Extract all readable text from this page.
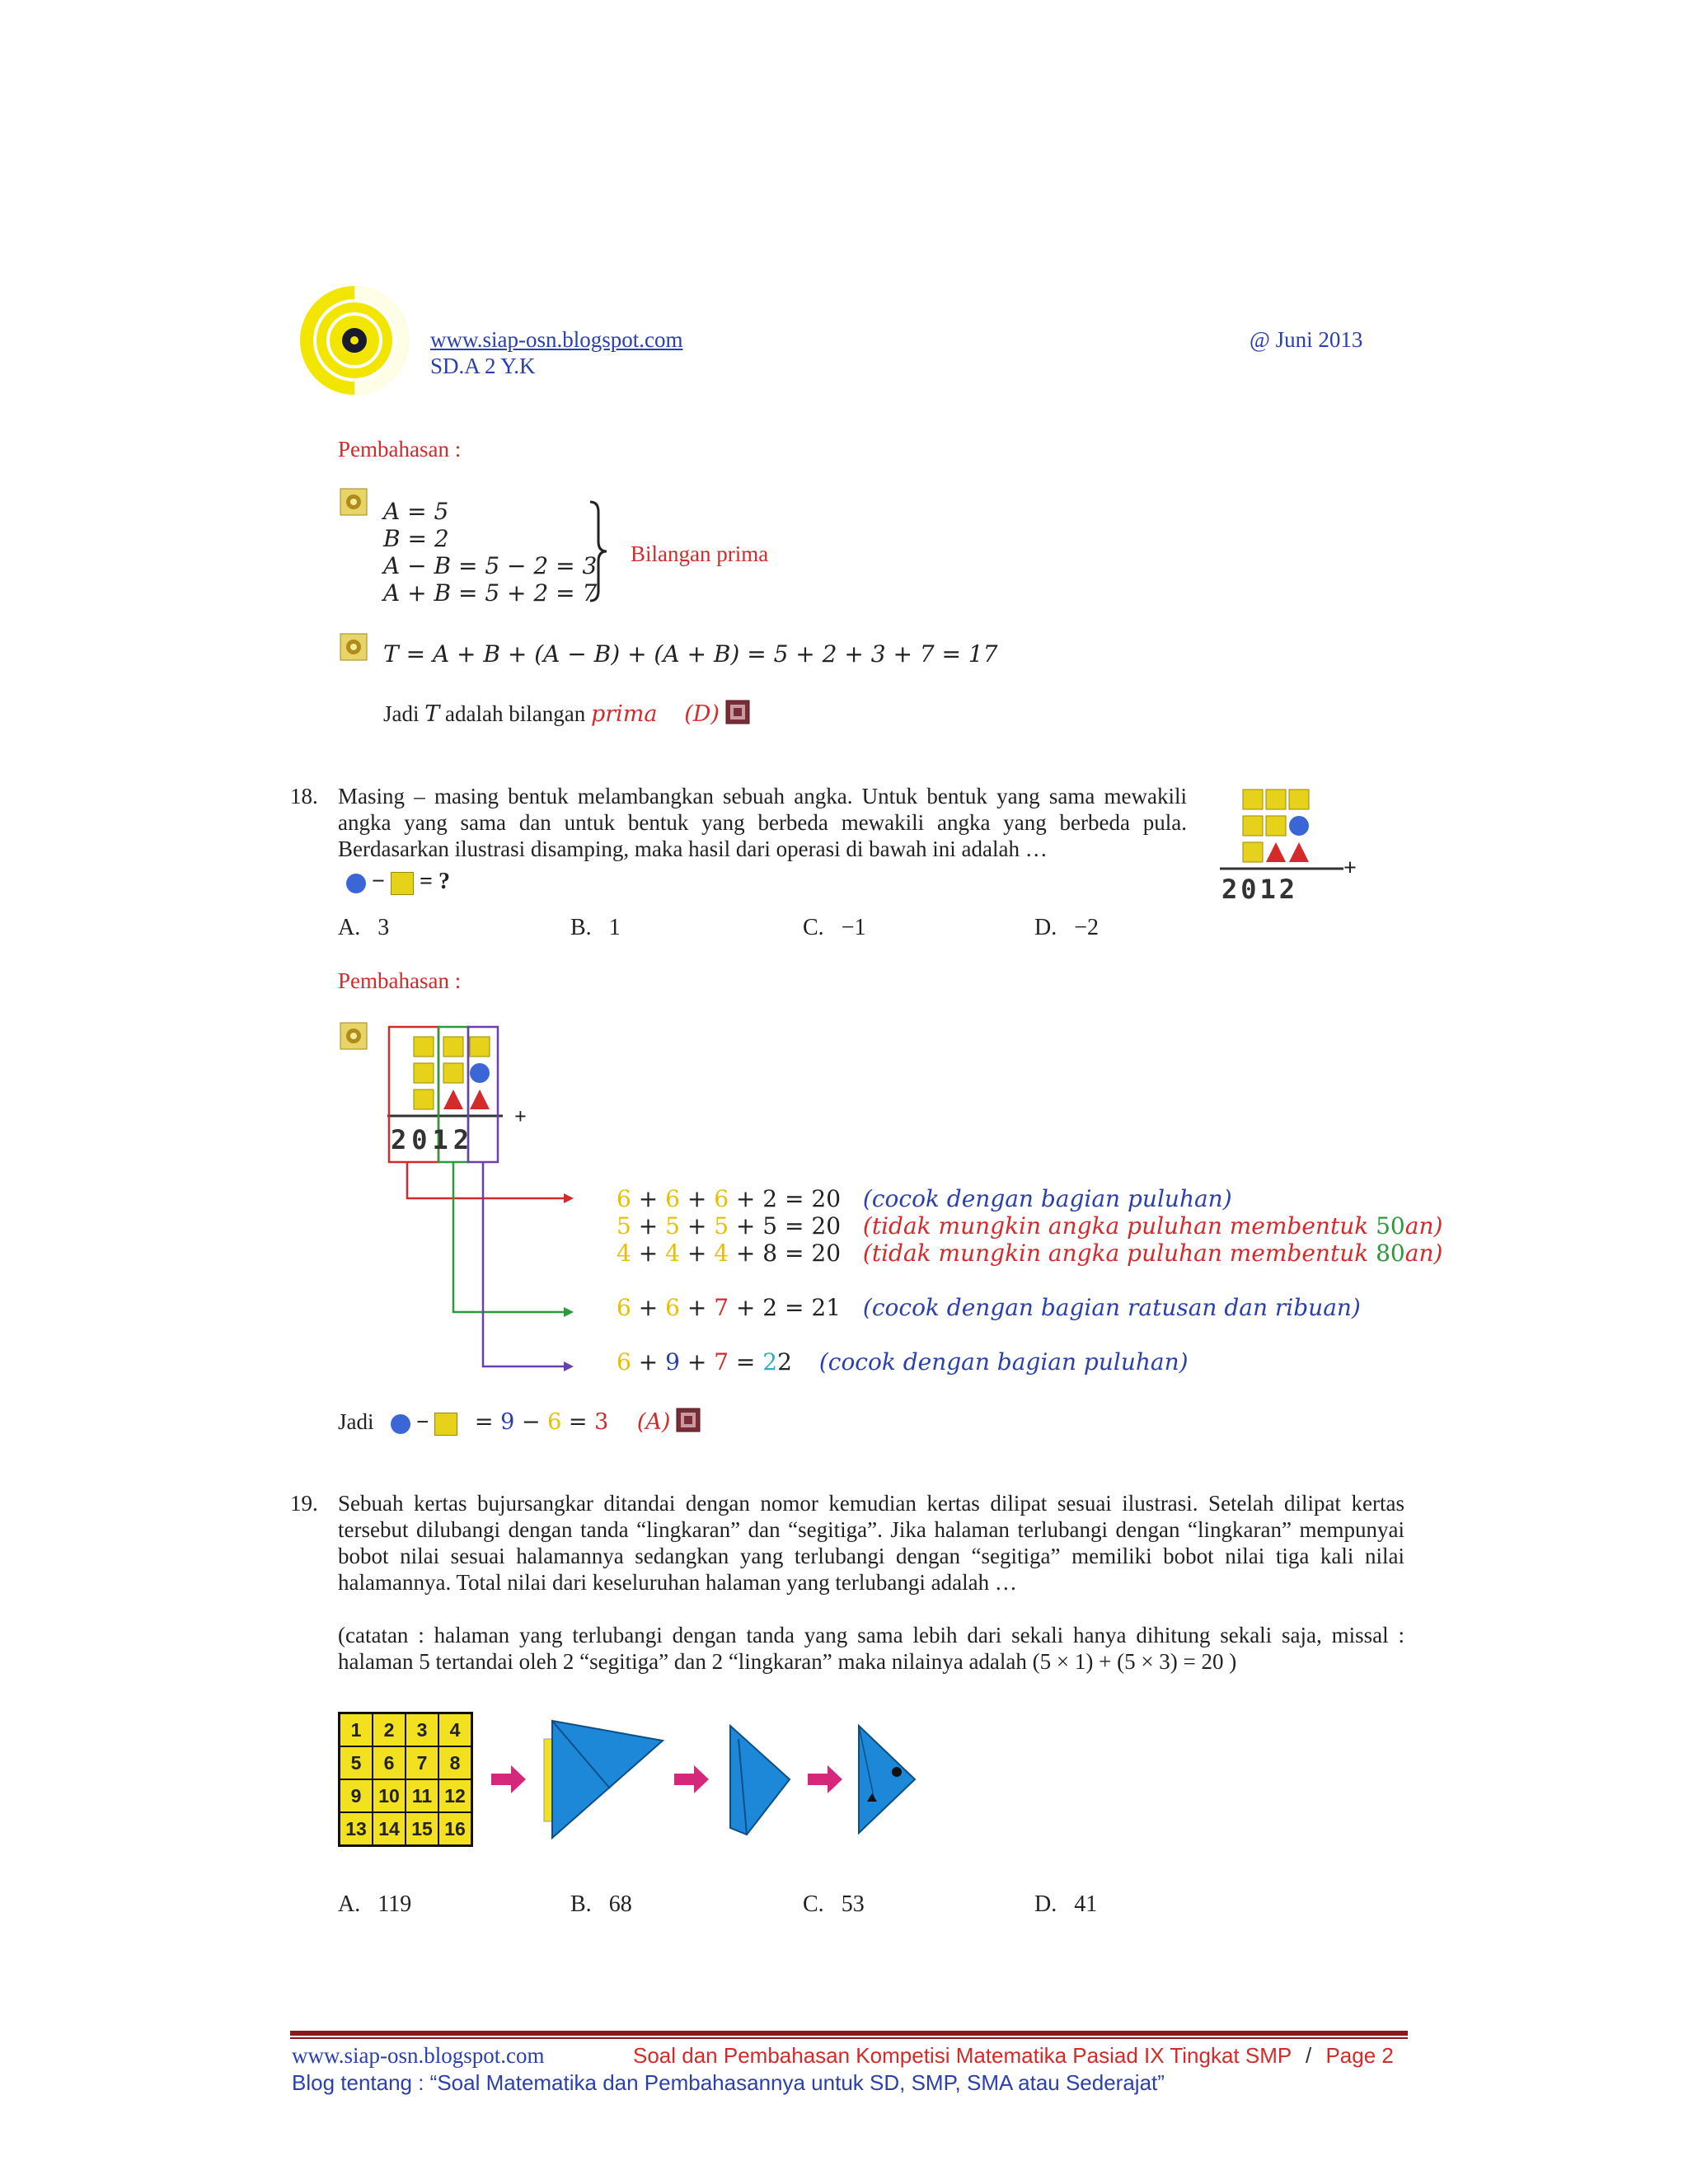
www.siap-osn.blogspot.com
SD.A 2 Y.K
@ Juni 2013
Pembahasan :
A = 5
B = 2
A − B = 5 − 2 = 3
A + B = 5 + 2 = 7
Bilangan prima
T = A + B + (A − B) + (A + B) = 5 + 2 + 3 + 7 = 17
Jadi T adalah bilangan prima (D)
18. Masing – masing bentuk melambangkan sebuah angka. Untuk bentuk yang sama mewakili angka yang sama dan untuk bentuk yang berbeda mewakili angka yang berbeda pula. Berdasarkan ilustrasi disamping, maka hasil dari operasi di bawah ini adalah …
− = ?
+
2012
A. 3	B. 1	C. −1	D. −2
Pembahasan :
+
2012
6 + 6 + 6 + 2 = 20 (cocok dengan bagian puluhan)
5 + 5 + 5 + 5 = 20 (tidak mungkin angka puluhan membentuk 50an)
4 + 4 + 4 + 8 = 20 (tidak mungkin angka puluhan membentuk 80an)
6 + 6 + 7 + 2 = 21 (cocok dengan bagian ratusan dan ribuan)
6 + 9 + 7 = 22 (cocok dengan bagian puluhan)
Jadi − = 9 − 6 = 3 (A)
19. Sebuah kertas bujursangkar ditandai dengan nomor kemudian kertas dilipat sesuai ilustrasi. Setelah dilipat kertas tersebut dilubangi dengan tanda “lingkaran” dan “segitiga”. Jika halaman terlubangi dengan “lingkaran” mempunyai bobot nilai sesuai halamannya sedangkan yang terlubangi dengan “segitiga” memiliki bobot nilai tiga kali nilai halamannya. Total nilai dari keseluruhan halaman yang terlubangi adalah …
(catatan : halaman yang terlubangi dengan tanda yang sama lebih dari sekali hanya dihitung sekali saja, missal : halaman 5 tertandai oleh 2 “segitiga” dan 2 “lingkaran” maka nilainya adalah (5 × 1) + (5 × 3) = 20 )
1	2	3	4
5	6	7	8
9	10	11	12
13	14	15	16
A. 119	B. 68	C. 53	D. 41
www.siap-osn.blogspot.com	Soal dan Pembahasan Kompetisi Matematika Pasiad IX Tingkat SMP / Page 2
Blog tentang : “Soal Matematika dan Pembahasannya untuk SD, SMP, SMA atau Sederajat”
